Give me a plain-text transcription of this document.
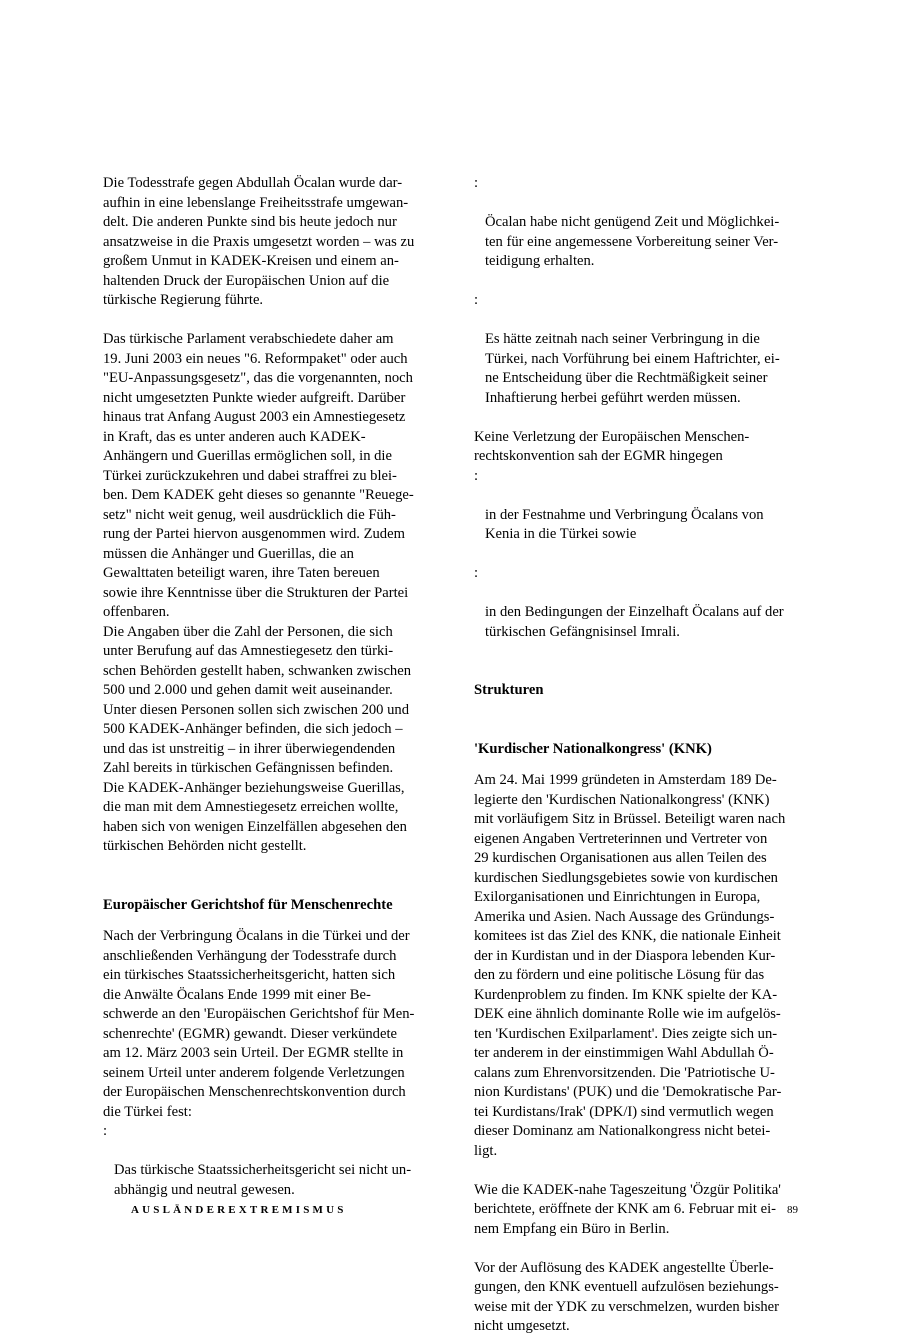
Die Todesstrafe gegen Abdullah Öcalan wurde dar-
aufhin in eine lebenslange Freiheitsstrafe umgewan-
delt. Die anderen Punkte sind bis heute jedoch nur
ansatzweise in die Praxis umgesetzt worden – was zu
großem Unmut in KADEK-Kreisen und einem an-
haltenden Druck der Europäischen Union auf die
türkische Regierung führte.

Das türkische Parlament verabschiedete daher am
19. Juni 2003 ein neues "6. Reformpaket" oder auch
"EU-Anpassungsgesetz", das die vorgenannten, noch
nicht umgesetzten Punkte wieder aufgreift. Darüber
hinaus trat Anfang August 2003 ein Amnestiegesetz
in Kraft, das es unter anderen auch KADEK-
Anhängern und Guerillas ermöglichen soll, in die
Türkei zurückzukehren und dabei straffrei zu blei-
ben. Dem KADEK geht dieses so genannte "Reuege-
setz" nicht weit genug, weil ausdrücklich die Füh-
rung der Partei hiervon ausgenommen wird. Zudem
müssen die Anhänger und Guerillas, die an
Gewalttaten beteiligt waren, ihre Taten bereuen
sowie ihre Kenntnisse über die Strukturen der Partei
offenbaren.

Die Angaben über die Zahl der Personen, die sich
unter Berufung auf das Amnestiegesetz den türki-
schen Behörden gestellt haben, schwanken zwischen
500 und 2.000 und gehen damit weit auseinander.
Unter diesen Personen sollen sich zwischen 200 und
500 KADEK-Anhänger befinden, die sich jedoch –
und das ist unstreitig – in ihrer überwiegendenden
Zahl bereits in türkischen Gefängnissen befinden.
Die KADEK-Anhänger beziehungsweise Guerillas,
die man mit dem Amnestiegesetz erreichen wollte,
haben sich von wenigen Einzelfällen abgesehen den
türkischen Behörden nicht gestellt.

Europäischer Gerichtshof für Menschenrechte

Nach der Verbringung Öcalans in die Türkei und der
anschließenden Verhängung der Todesstrafe durch
ein türkisches Staatssicherheitsgericht, hatten sich
die Anwälte Öcalans Ende 1999 mit einer Be-
schwerde an den 'Europäischen Gerichtshof für Men-
schenrechte' (EGMR) gewandt. Dieser verkündete
am 12. März 2003 sein Urteil. Der EGMR stellte in
seinem Urteil unter anderem folgende Verletzungen
der Europäischen Menschenrechtskonvention durch
die Türkei fest:

:

Das türkische Staatssicherheitsgericht sei nicht un-
abhängig und neutral gewesen.

:

Öcalan habe nicht genügend Zeit und Möglichkei-
ten für eine angemessene Vorbereitung seiner Ver-
teidigung erhalten.

:

Es hätte zeitnah nach seiner Verbringung in die
Türkei, nach Vorführung bei einem Haftrichter, ei-
ne Entscheidung über die Rechtmäßigkeit seiner
Inhaftierung herbei geführt werden müssen.

Keine Verletzung der Europäischen Menschen-
rechtskonvention sah der EGMR hingegen

:

in der Festnahme und Verbringung Öcalans von
Kenia in die Türkei sowie

:

in den Bedingungen der Einzelhaft Öcalans auf der
türkischen Gefängnisinsel Imrali.

Strukturen
'Kurdischer Nationalkongress' (KNK)

Am 24. Mai 1999 gründeten in Amsterdam 189 De-
legierte den 'Kurdischen Nationalkongress' (KNK)
mit vorläufigem Sitz in Brüssel. Beteiligt waren nach
eigenen Angaben Vertreterinnen und Vertreter von
29 kurdischen Organisationen aus allen Teilen des
kurdischen Siedlungsgebietes sowie von kurdischen
Exilorganisationen und Einrichtungen in Europa,
Amerika und Asien. Nach Aussage des Gründungs-
komitees ist das Ziel des KNK, die nationale Einheit
der in Kurdistan und in der Diaspora lebenden Kur-
den zu fördern und eine politische Lösung für das
Kurdenproblem zu finden. Im KNK spielte der KA-
DEK eine ähnlich dominante Rolle wie im aufgelös-
ten 'Kurdischen Exilparlament'. Dies zeigte sich un-
ter anderem in der einstimmigen Wahl Abdullah Ö-
calans zum Ehrenvorsitzenden. Die 'Patriotische U-
nion Kurdistans' (PUK) und die 'Demokratische Par-
tei Kurdistans/Irak' (DPK/I) sind vermutlich wegen
dieser Dominanz am Nationalkongress nicht betei-
ligt.

Wie die KADEK-nahe Tageszeitung 'Özgür Politika'
berichtete, eröffnete der KNK am 6. Februar mit ei-
nem Empfang ein Büro in Berlin.

Vor der Auflösung des KADEK angestellte Überle-
gungen, den KNK eventuell aufzulösen beziehungs-
weise mit der YDK zu verschmelzen, wurden bisher
nicht umgesetzt.

AUSLÄNDEREXTREMISMUS	89
